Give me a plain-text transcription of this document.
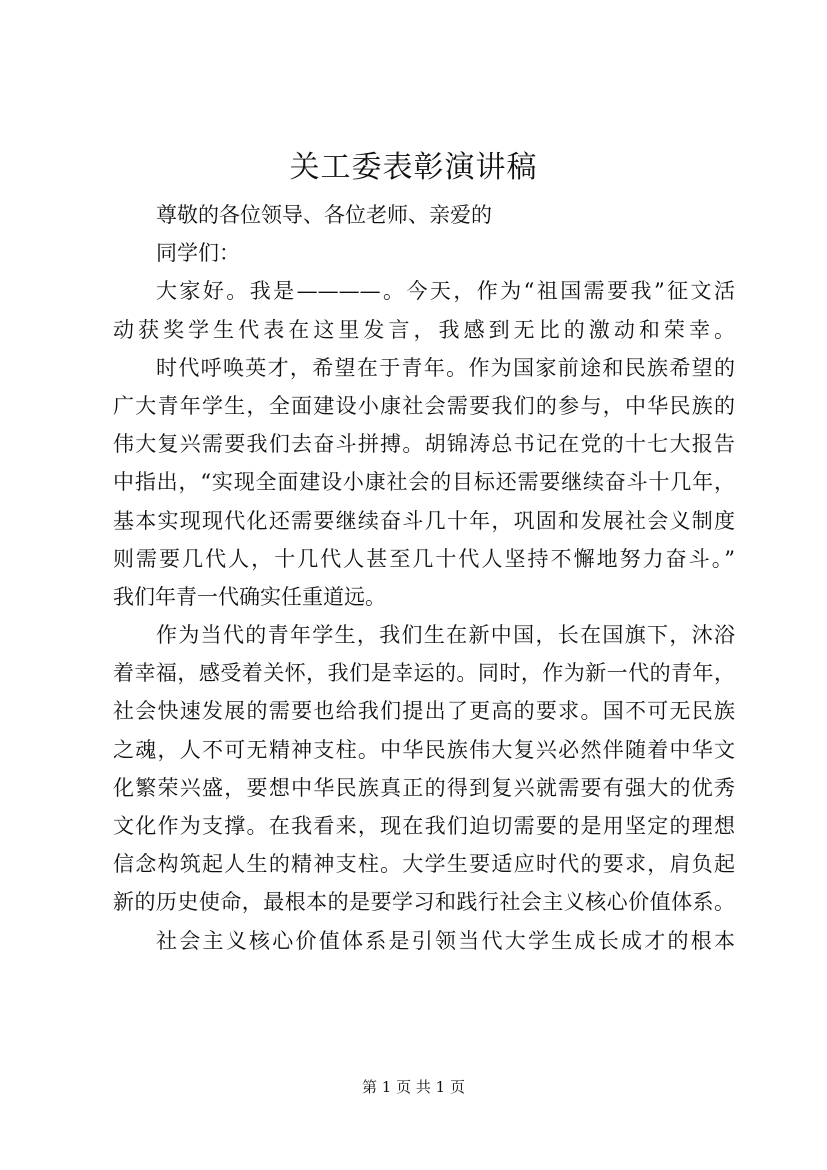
关工委表彰演讲稿
尊敬的各位领导、各位老师、亲爱的
同学们：
大家好。我是————。今天，作为“祖国需要我”征文活
动获奖学生代表在这里发言，我感到无比的激动和荣幸。
时代呼唤英才，希望在于青年。作为国家前途和民族希望的
广大青年学生，全面建设小康社会需要我们的参与，中华民族的
伟大复兴需要我们去奋斗拼搏。胡锦涛总书记在党的十七大报告
中指出，“实现全面建设小康社会的目标还需要继续奋斗十几年，
基本实现现代化还需要继续奋斗几十年，巩固和发展社会义制度
则需要几代人，十几代人甚至几十代人坚持不懈地努力奋斗。”
我们年青一代确实任重道远。
作为当代的青年学生，我们生在新中国，长在国旗下，沐浴
着幸福，感受着关怀，我们是幸运的。同时，作为新一代的青年，
社会快速发展的需要也给我们提出了更高的要求。国不可无民族
之魂，人不可无精神支柱。中华民族伟大复兴必然伴随着中华文
化繁荣兴盛，要想中华民族真正的得到复兴就需要有强大的优秀
文化作为支撑。在我看来，现在我们迫切需要的是用坚定的理想
信念构筑起人生的精神支柱。大学生要适应时代的要求，肩负起
新的历史使命，最根本的是要学习和践行社会主义核心价值体系。
社会主义核心价值体系是引领当代大学生成长成才的根本
第 1 页 共 1 页
